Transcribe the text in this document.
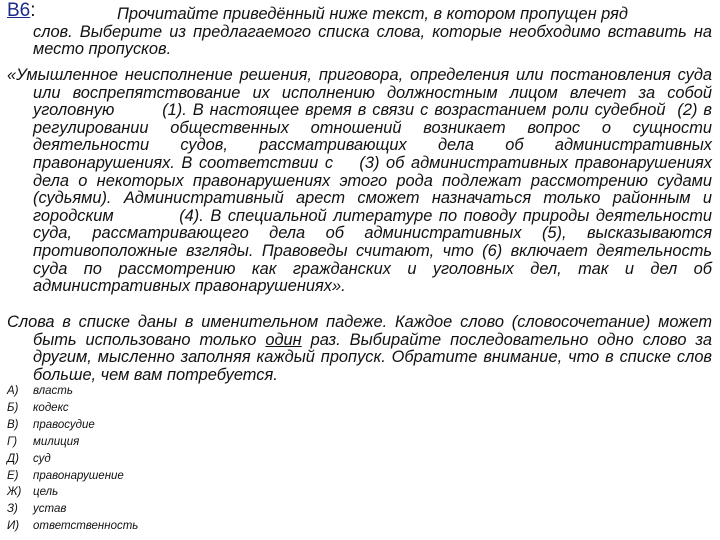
В6:	Прочитайте приведённый ниже текст, в котором пропущен ряд

слов. Выберите из предлагаемого списка слова, которые необходимо вставить на место пропусков.

«Умышленное неисполнение решения, приговора, определения или постановления суда или воспрепятствование их исполнению должностным лицом влечет за собой уголовную        (1). В настоящее время в связи с возрастанием роли судебной  (2) в регулировании общественных отношений возникает вопрос о сущности деятельности судов, рассматривающих дела об административных правонарушениях. В соответствии с    (3) об административных правонарушениях дела о некоторых правонарушениях этого рода подлежат рассмотрению судами (судьями). Административный арест сможет назначаться только районным и городским          (4). В специальной литературе по поводу природы деятельности суда, рассматривающего дела об административных (5), высказываются противоположные взгляды. Правоведы считают, что (6) включает деятельность суда по рассмотрению как гражданских и уголовных дел, так и дел об административных правонарушениях».

Слова в списке даны в именительном падеже. Каждое слово (словосочетание) может быть использовано только один раз. Выбирайте последовательно одно слово за другим, мысленно заполняя каждый пропуск. Обратите внимание, что в списке слов больше, чем вам потребуется.

А)	власть
Б)	кодекс
В)	правосудие
Г)	милиция
Д)	суд
Е)	правонарушение
Ж)	цель
З)	устав
И)	ответственность
